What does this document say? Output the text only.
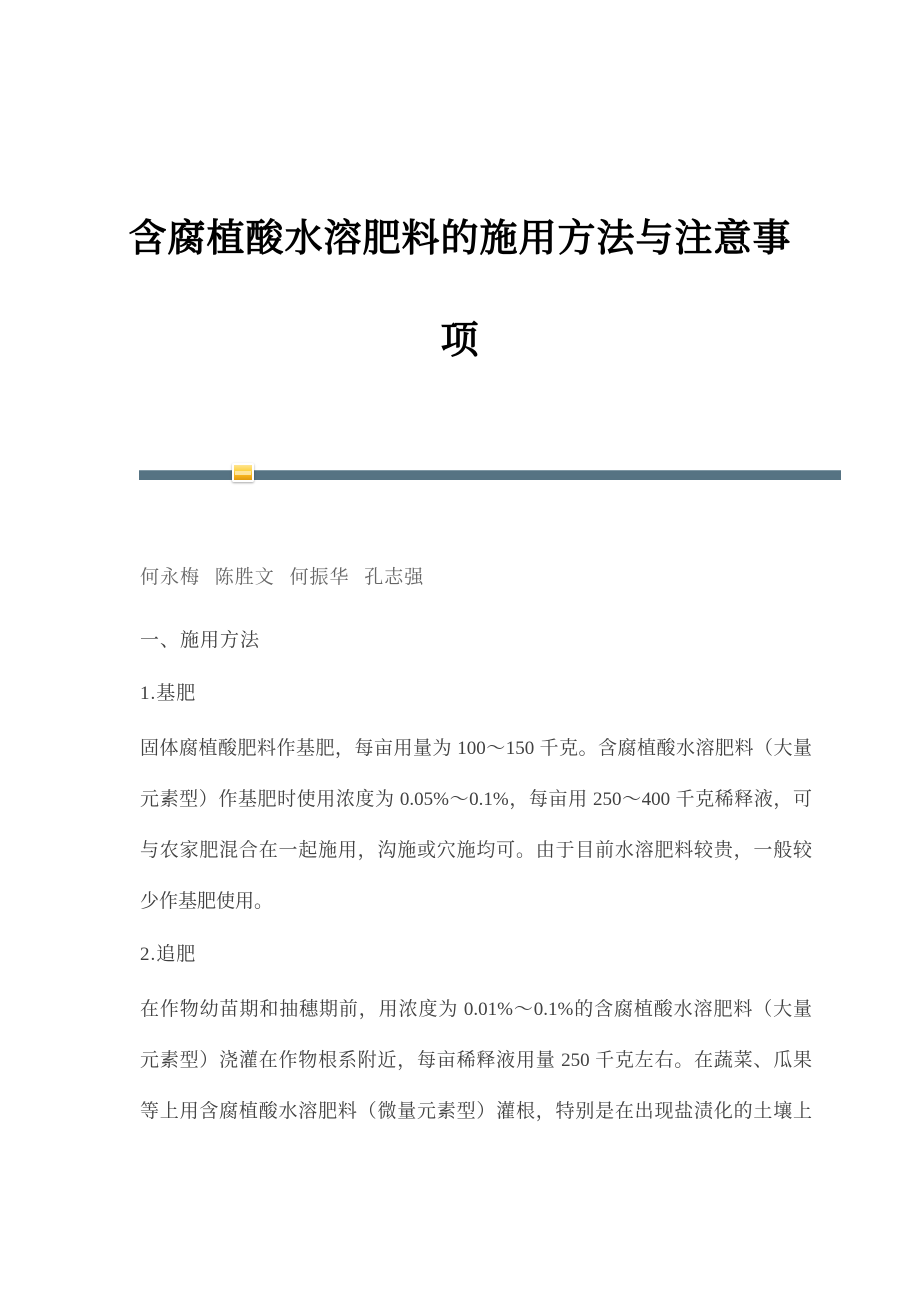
含腐植酸水溶肥料的施用方法与注意事
项
何永梅 陈胜文 何振华 孔志强
一、施用方法
1.基肥
固体腐植酸肥料作基肥，每亩用量为 100～150 千克。含腐植酸水溶肥料（大量
元素型）作基肥时使用浓度为 0.05%～0.1%，每亩用 250～400 千克稀释液，可
与农家肥混合在一起施用，沟施或穴施均可。由于目前水溶肥料较贵，一般较
少作基肥使用。
2.追肥
在作物幼苗期和抽穗期前，用浓度为 0.01%～0.1%的含腐植酸水溶肥料（大量
元素型）浇灌在作物根系附近，每亩稀释液用量 250 千克左右。在蔬菜、瓜果
等上用含腐植酸水溶肥料（微量元素型）灌根，特别是在出现盐渍化的土壤上
